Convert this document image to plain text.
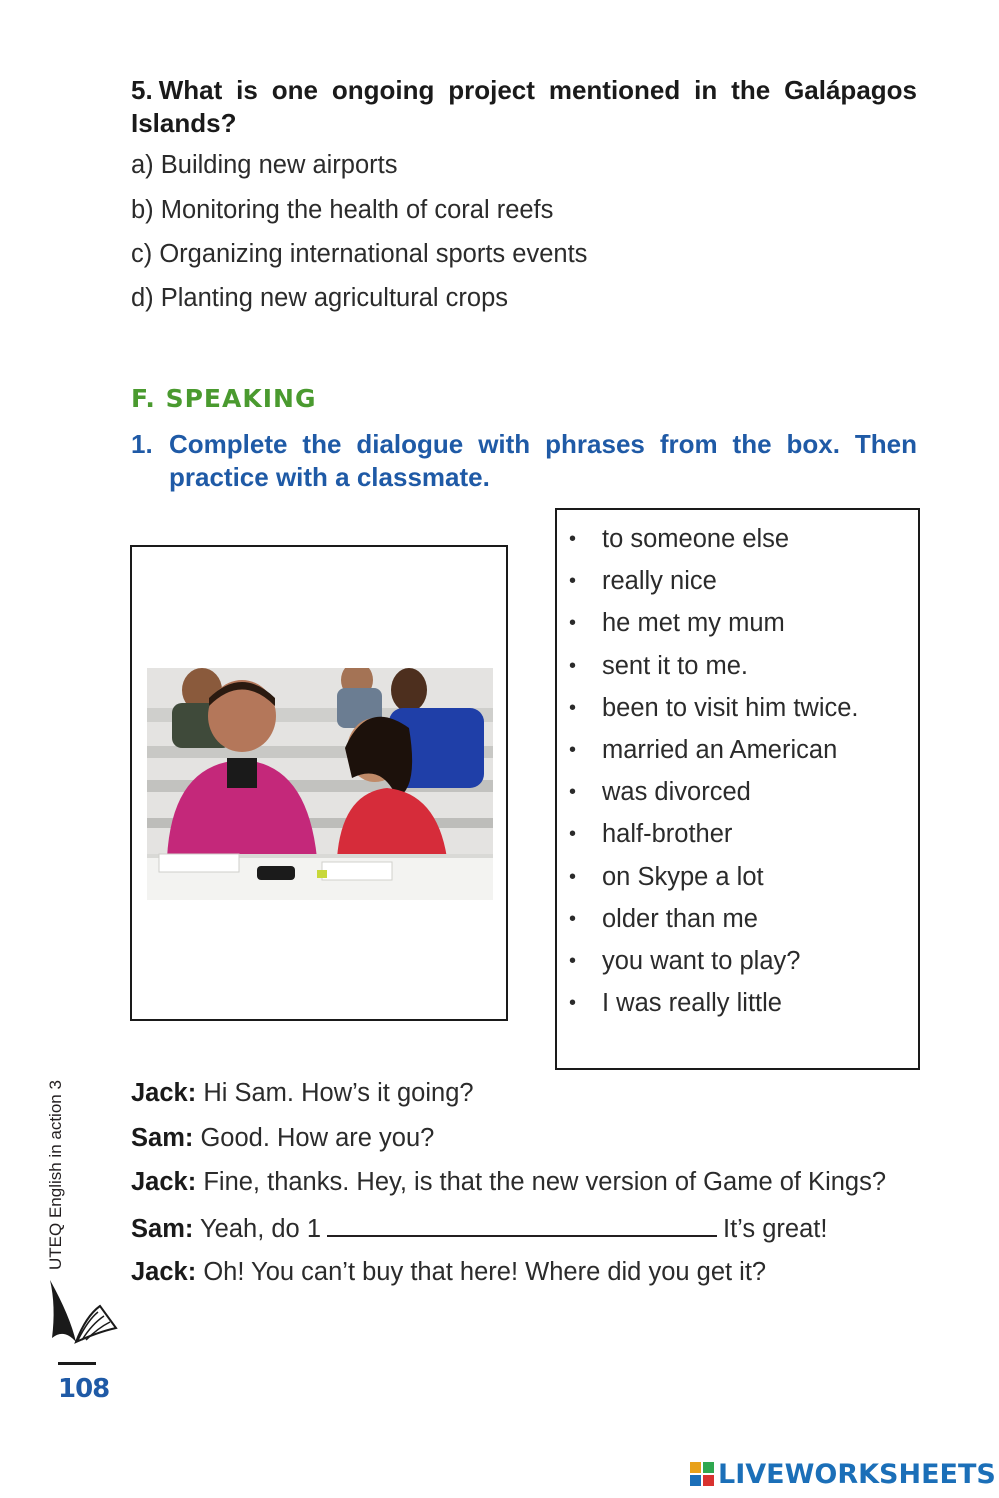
5. What is one ongoing project mentioned in the Galápagos Islands?
a) Building new airports
b) Monitoring the health of coral reefs
c) Organizing international sports events
d) Planting new agricultural crops
F. SPEAKING
1. Complete the dialogue with phrases from the box. Then practice with a classmate.
• to someone else
• really nice
• he met my mum
• sent it to me.
• been to visit him twice.
• married an American
• was divorced
• half-brother
• on Skype a lot
• older than me
• you want to play?
• I was really little
Jack: Hi Sam. How’s it going?
Sam: Good. How are you?
Jack: Fine, thanks. Hey, is that the new version of Game of Kings?
Sam: Yeah, do 1	It’s great!
Jack: Oh! You can’t buy that here! Where did you get it?
UTEQ English in action 3
108
LIVEWORKSHEETS
